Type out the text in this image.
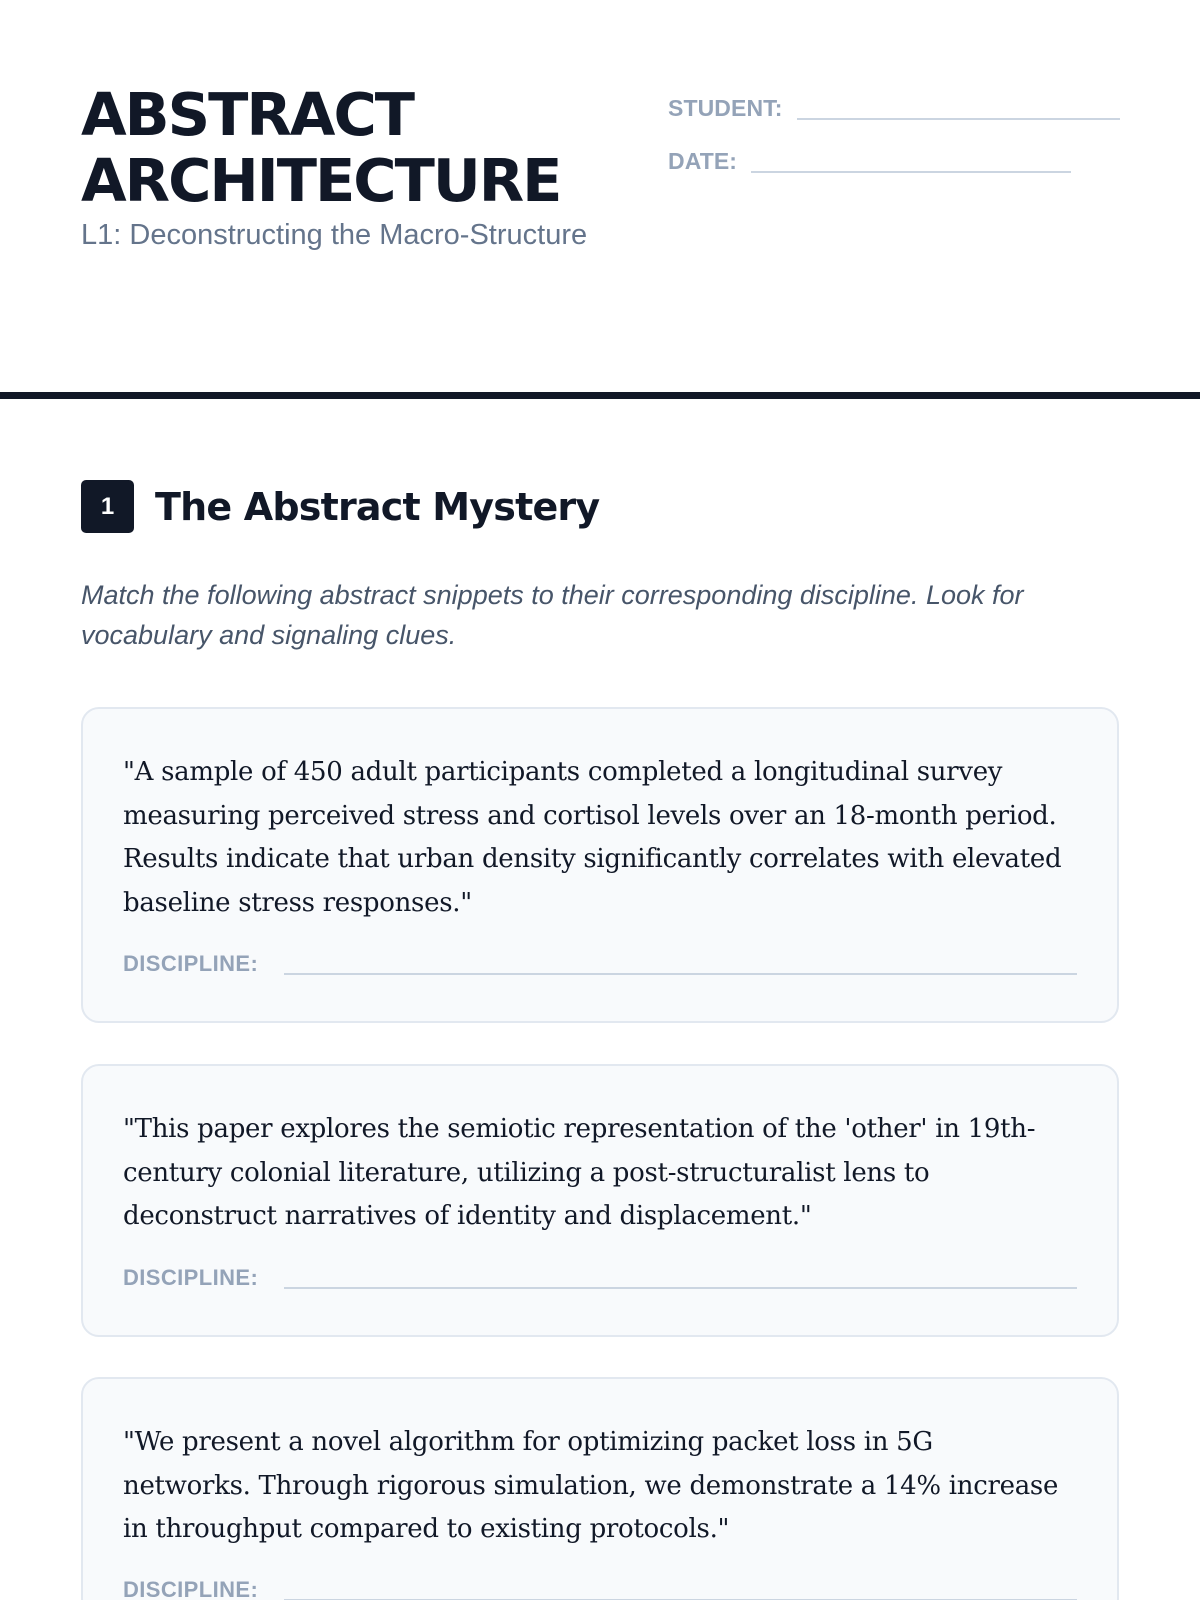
ABSTRACT
ARCHITECTURE
L1: Deconstructing the Macro-Structure
STUDENT:
DATE:
1	The Abstract Mystery
Match the following abstract snippets to their corresponding discipline. Look for vocabulary and signaling clues.
"A sample of 450 adult participants completed a longitudinal survey measuring perceived stress and cortisol levels over an 18-month period. Results indicate that urban density significantly correlates with elevated baseline stress responses."
DISCIPLINE:
"This paper explores the semiotic representation of the 'other' in 19th-century colonial literature, utilizing a post-structuralist lens to deconstruct narratives of identity and displacement."
DISCIPLINE:
"We present a novel algorithm for optimizing packet loss in 5G networks. Through rigorous simulation, we demonstrate a 14% increase in throughput compared to existing protocols."
DISCIPLINE:
